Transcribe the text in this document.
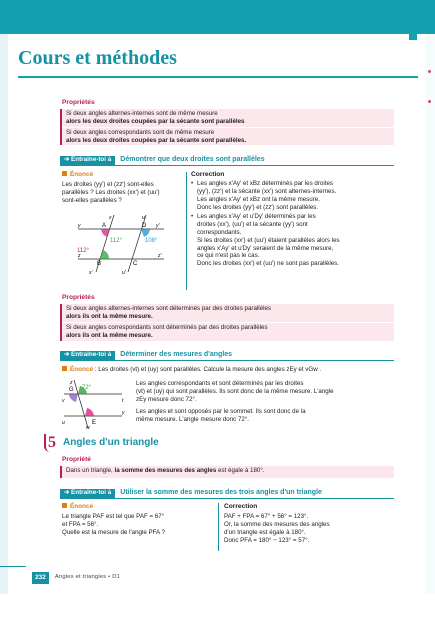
Cours et méthodes
Propriétés
Si deux angles alternes-internes sont de même mesure
alors les deux droites coupées par la sécante sont parallèles
Si deux angles correspondants sont de même mesure
alors les deux droites coupées par la sécante sont parallèles.
➔ Entraîne-toi à Démontrer que deux droites sont parallèles
Énoncé
Les droites (yy′) et (zz′) sont-elles
parallèles ? Les droites (xx′) et (uu′)
sont-elles parallèles ?
A
B	C
D
112°
112°	108°
x
x′
y	y′
z	z′
u
u′
Correction
• Les angles x′Ay′ et xBz déterminés par les droites
(yy′), (zz′) et la sécante (xx′) sont alternes-internes.
Les angles x′Ay′ et xBz ont la même mesure.
Donc les droites (yy′) et (zz′) sont parallèles.
• Les angles x′Ay′ et u′Dy′ déterminés par les
droites (xx′), (uu′) et la sécante (yy′) sont
correspondants.
Si les droites (xx′) et (uu′) étaient parallèles alors les
angles x′Ay′ et u′Dy′ seraient de la même mesure,
ce qui n'est pas le cas.
Donc les droites (xx′) et (uu′) ne sont pas parallèles.
Propriétés
Si deux angles alternes-internes sont déterminés par des droites parallèles
alors ils ont la même mesure.
Si deux angles correspondants sont déterminés par des droites parallèles
alors ils ont la même mesure.
➔ Entraîne-toi à Déterminer des mesures d'angles
Énoncé : Les droites (vt) et (uy) sont parallèles. Calcule la mesure des angles zEy et vGw .
G
E
72°
z
v	t
u
y
w
Les angles correspondants et sont déterminés par les droites
(vt) et (uy) qui sont parallèles. Ils sont donc de la même mesure. L'angle
zEy mesure donc 72°.
Les angles et sont opposés par le sommet. Ils sont donc de la
même mesure. L'angle mesure donc 72°.
5 Angles d'un triangle
Propriété
Dans un triangle, la somme des mesures des angles est égale à 180°.
➔ Entraîne-toi à Utiliser la somme des mesures des trois angles d'un triangle
Énoncé
Le triangle PAF est tel que PAF = 67°
et FPA = 56°.
Quelle est la mesure de l'angle PFA ?
Correction
PAF + FPA = 67° + 56° = 123°.
Or, la somme des mesures des angles
d'un triangle est égale à 180°.
Donc PFA = 180° − 123° = 57°.
232	Angles et triangles • D1
